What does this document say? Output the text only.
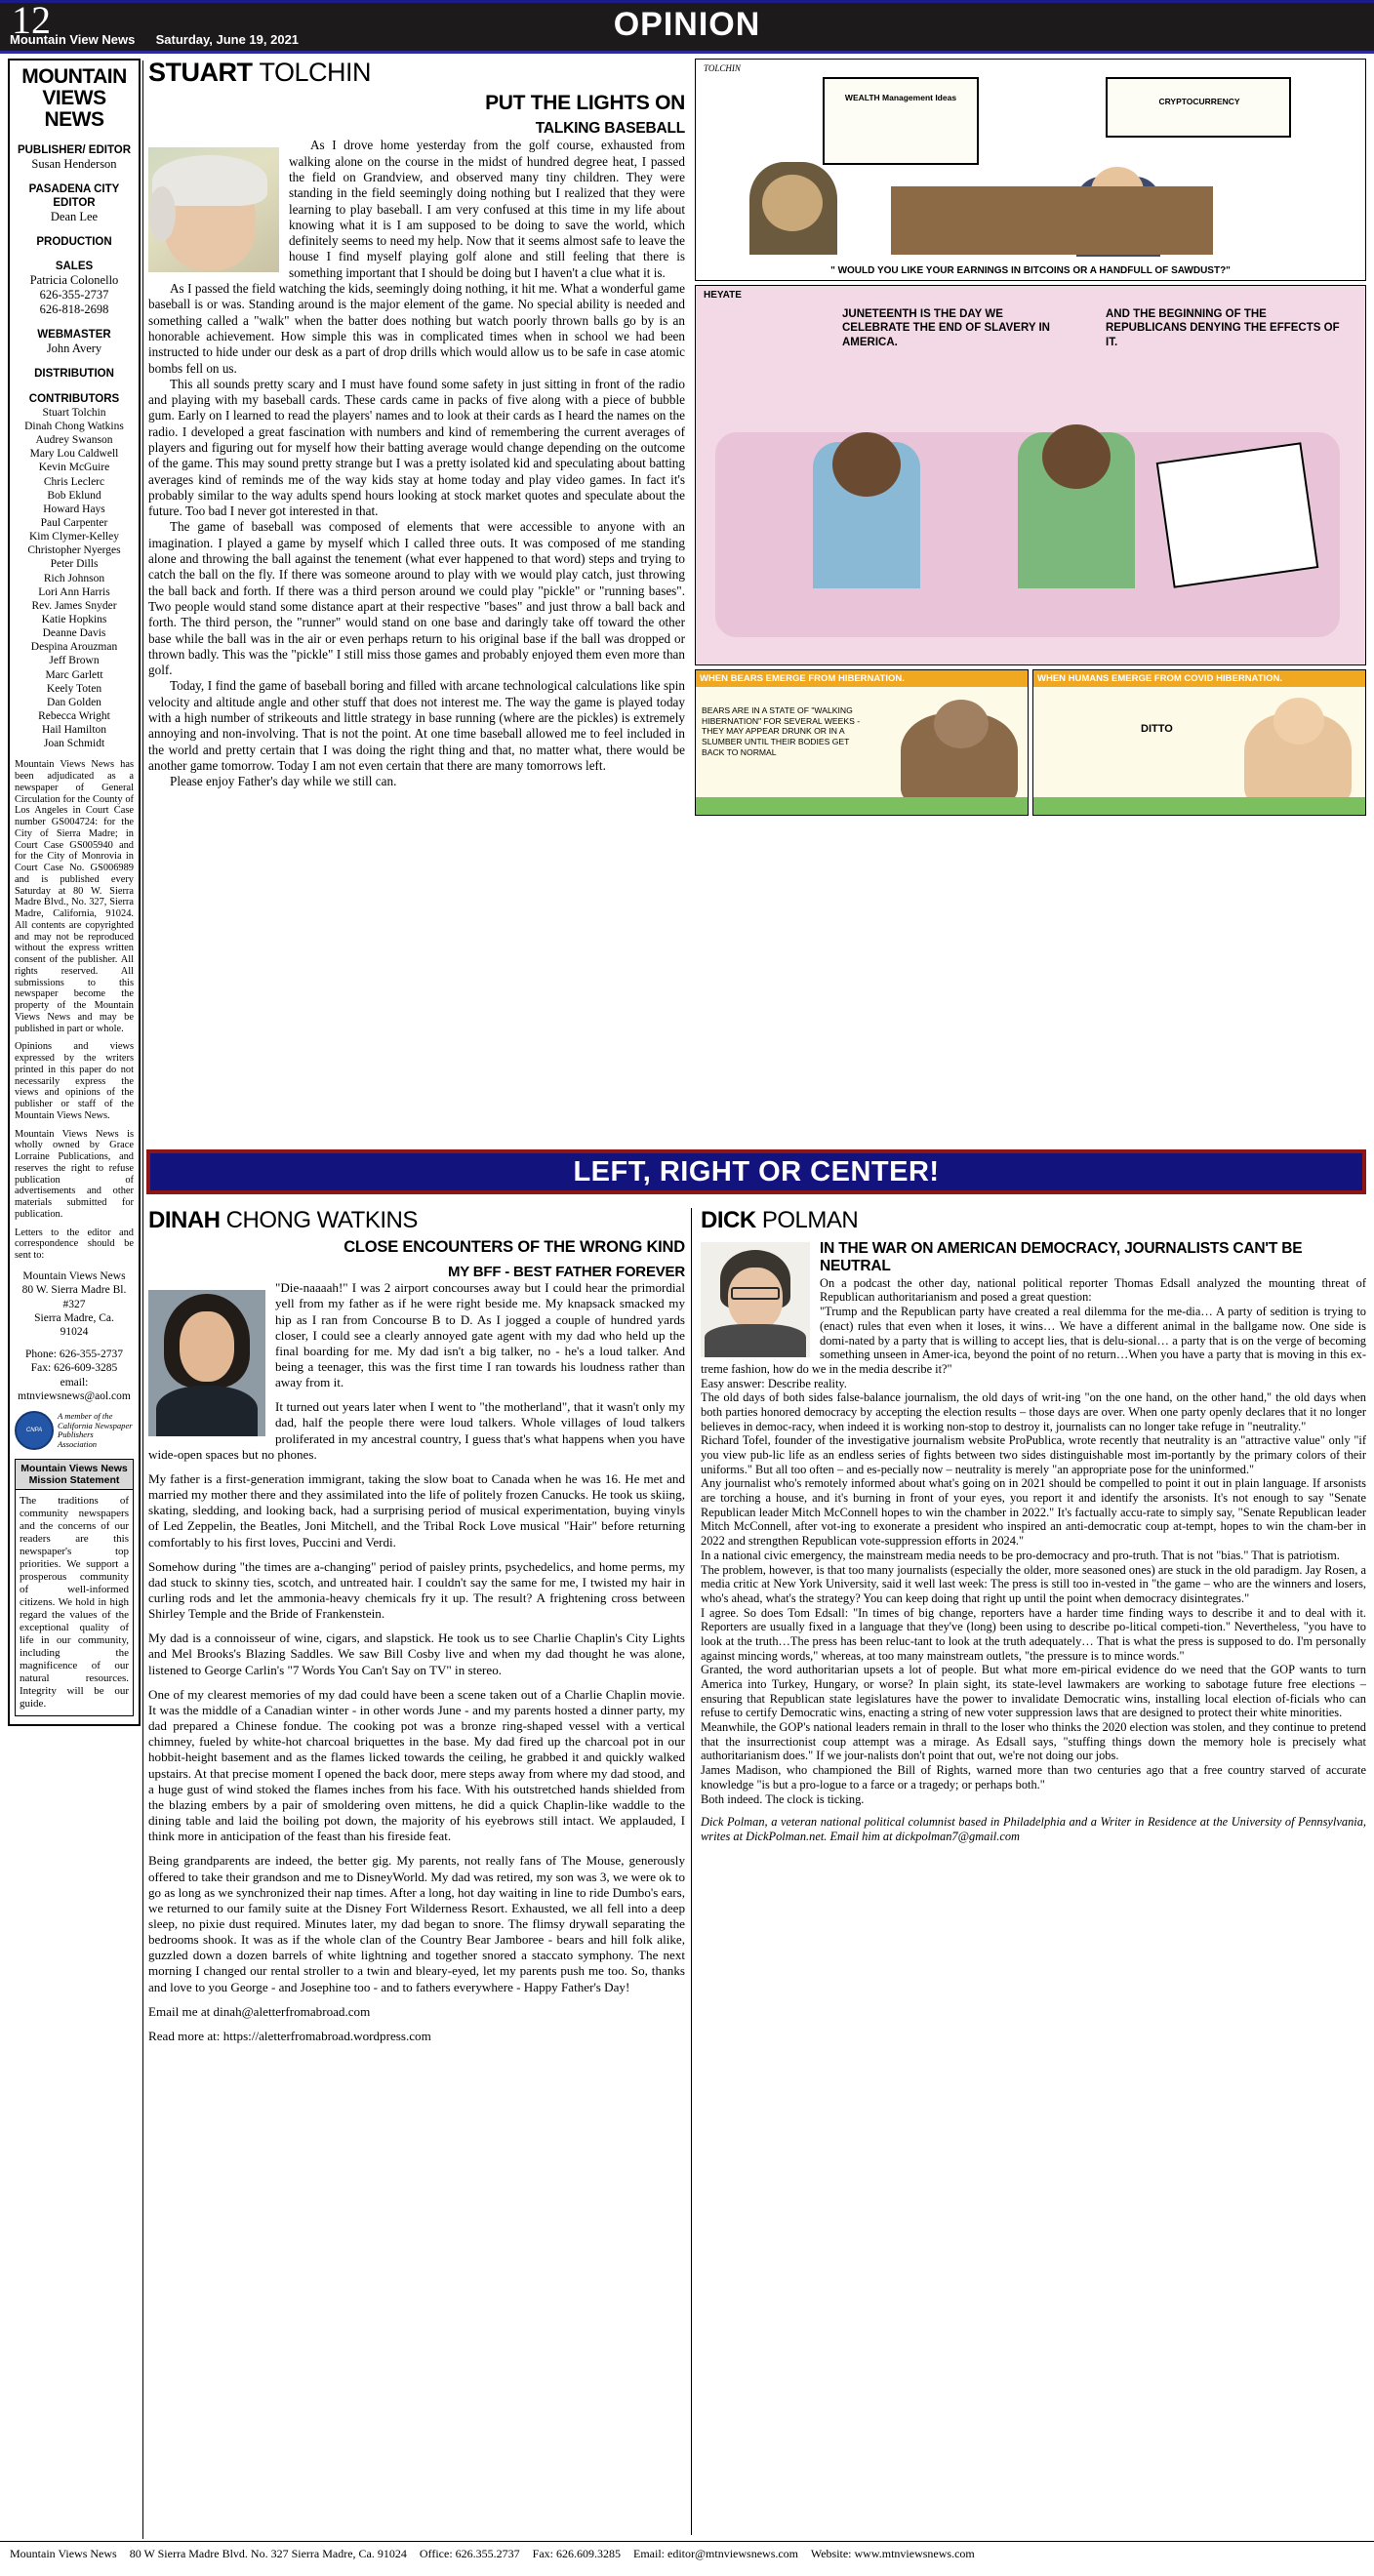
12	OPINION
Mountain View News Saturday, June 19, 2021
MOUNTAIN VIEWS NEWS
PUBLISHER/ EDITOR
Susan Henderson
PASADENA CITY EDITOR
Dean Lee
PRODUCTION
SALES
Patricia Colonello
626-355-2737
626-818-2698
WEBMASTER
John Avery
DISTRIBUTION
CONTRIBUTORS
Stuart Tolchin
Dinah Chong Watkins
Audrey Swanson
Mary Lou Caldwell
Kevin McGuire
Chris Leclerc
Bob Eklund
Howard Hays
Paul Carpenter
Kim Clymer-Kelley
Christopher Nyerges
Peter Dills
Rich Johnson
Lori Ann Harris
Rev. James Snyder
Katie Hopkins
Deanne Davis
Despina Arouzman
Jeff Brown
Marc Garlett
Keely Toten
Dan Golden
Rebecca Wright
Hail Hamilton
Joan Schmidt

Mountain Views News has been adjudicated as a newspaper of General Circulation for the County of Los Angeles in Court Case number GS004724: for the City of Sierra Madre; in Court Case GS005940 and for the City of Monrovia in Court Case No. GS006989 and is published every Saturday at 80 W. Sierra Madre Blvd., No. 327, Sierra Madre, California, 91024. All contents are copyrighted and may not be reproduced without the express written consent of the publisher. All rights reserved. All submissions to this newspaper become the property of the Mountain Views News and may be published in part or whole.

Opinions and views expressed by the writers printed in this paper do not necessarily express the views and opinions of the publisher or staff of the Mountain Views News.

Mountain Views News is wholly owned by Grace Lorraine Publications, and reserves the right to refuse publication of advertisements and other materials submitted for publication.

Letters to the editor and correspondence should be sent to:

Mountain Views News
80 W. Sierra Madre Bl.
#327
Sierra Madre, Ca.
91024
Phone: 626-355-2737
Fax: 626-609-3285
email:
mtnviewsnews@aol.com
CNPA
A member of the California Newspaper Publishers Association
Mountain Views News Mission Statement
The traditions of community newspapers and the concerns of our readers are this newspaper's top priorities. We support a prosperous community of well-informed citizens. We hold in high regard the values of the exceptional quality of life in our community, including the magnificence of our natural resources. Integrity will be our guide.
STUART TOLCHIN
PUT THE LIGHTS ON
TALKING BASEBALL

As I drove home yesterday from the golf course, exhausted from walking alone on the course in the midst of hundred degree heat, I passed the field on Grandview, and observed many tiny children. They were standing in the field seemingly doing nothing but I realized that they were learning to play baseball. I am very confused at this time in my life about knowing what it is I am supposed to be doing to save the world, which definitely seems to need my help. Now that it seems almost safe to leave the house I find myself playing golf alone and still feeling that there is something important that I should be doing but I haven't a clue what it is.

As I passed the field watching the kids, seemingly doing nothing, it hit me. What a wonderful game baseball is or was. Standing around is the major element of the game. No special ability is needed and something called a "walk" when the batter does nothing but watch poorly thrown balls go by is an honorable achievement. How simple this was in complicated times when in school we had been instructed to hide under our desk as a part of drop drills which would allow us to be safe in case atomic bombs fell on us.

This all sounds pretty scary and I must have found some safety in just sitting in front of the radio and playing with my baseball cards. These cards came in packs of five along with a piece of bubble gum. Early on I learned to read the players' names and to look at their cards as I heard the names on the radio. I developed a great fascination with numbers and kind of remembering the current averages of players and figuring out for myself how their batting average would change depending on the outcome of the game. This may sound pretty strange but I was a pretty isolated kid and speculating about batting averages kind of reminds me of the way kids stay at home today and play video games. In fact it's probably similar to the way adults spend hours looking at stock market quotes and speculate about the future. Too bad I never got interested in that.

The game of baseball was composed of elements that were accessible to anyone with an imagination. I played a game by myself which I called three outs. It was composed of me standing alone and throwing the ball against the tenement (what ever happened to that word) steps and trying to catch the ball on the fly. If there was someone around to play with we would play catch, just throwing the ball back and forth. If there was a third person around we could play "pickle" or "running bases". Two people would stand some distance apart at their respective "bases" and just throw a ball back and forth. The third person, the "runner" would stand on one base and daringly take off toward the other base while the ball was in the air or even perhaps return to his original base if the ball was dropped or thrown badly. This was the "pickle" I still miss those games and probably enjoyed them even more than golf.

Today, I find the game of baseball boring and filled with arcane technological calculations like spin velocity and altitude angle and other stuff that does not interest me. The way the game is played today with a high number of strikeouts and little strategy in base running (where are the pickles) is extremely annoying and non-involving. That is not the point. At one time baseball allowed me to feel included in the world and pretty certain that I was doing the right thing and that, no matter what, there would be another game tomorrow. Today I am not even certain that there are many tomorrows left.

Please enjoy Father's day while we still can.

TOLCHIN
WEALTH Management Ideas	CRYPTOCURRENCY
" WOULD YOU LIKE YOUR EARNINGS IN BITCOINS OR A HANDFULL OF SAWDUST?"
HEYATE
JUNETEENTH IS THE DAY WE CELEBRATE THE END OF SLAVERY IN AMERICA.
AND THE BEGINNING OF THE REPUBLICANS DENYING THE EFFECTS OF IT.
WHEN BEARS EMERGE FROM HIBERNATION.
BEARS ARE IN A STATE OF "WALKING HIBERNATION" FOR SEVERAL WEEKS - THEY MAY APPEAR DRUNK OR IN A SLUMBER UNTIL THEIR BODIES GET BACK TO NORMAL
WHEN HUMANS EMERGE FROM COVID HIBERNATION.
DITTO
LEFT, RIGHT OR CENTER!
DINAH CHONG WATKINS
CLOSE ENCOUNTERS OF THE WRONG KIND
MY BFF - BEST FATHER FOREVER

"Die-naaaah!" I was 2 airport concourses away but I could hear the primordial yell from my father as if he were right beside me. My knapsack smacked my hip as I ran from Concourse B to D. As I jogged a couple of hundred yards closer, I could see a clearly annoyed gate agent with my dad who held up the final boarding for me. My dad isn't a big talker, no - he's a loud talker. And being a teenager, this was the first time I ran towards his loudness rather than away from it.

It turned out years later when I went to "the motherland", that it wasn't only my dad, half the people there were loud talkers. Whole villages of loud talkers proliferated in my ancestral country, I guess that's what happens when you have wide-open spaces but no phones.

My father is a first-generation immigrant, taking the slow boat to Canada when he was 16. He met and married my mother there and they assimilated into the life of politely frozen Canucks. He took us skiing, skating, sledding, and looking back, had a surprising period of musical experimentation, buying vinyls of Led Zeppelin, the Beatles, Joni Mitchell, and the Tribal Rock Love musical "Hair" before returning comfortably to his first loves, Puccini and Verdi.

Somehow during "the times are a-changing" period of paisley prints, psychedelics, and home perms, my dad stuck to skinny ties, scotch, and untreated hair. I couldn't say the same for me, I twisted my hair in curling rods and let the ammonia-heavy chemicals fry it up. The result? A frightening cross between Shirley Temple and the Bride of Frankenstein.

My dad is a connoisseur of wine, cigars, and slapstick. He took us to see Charlie Chaplin's City Lights and Mel Brooks's Blazing Saddles. We saw Bill Cosby live and when my dad thought he was alone, listened to George Carlin's "7 Words You Can't Say on TV" in stereo.

One of my clearest memories of my dad could have been a scene taken out of a Charlie Chaplin movie. It was the middle of a Canadian winter - in other words June - and my parents hosted a dinner party, my dad prepared a Chinese fondue. The cooking pot was a bronze ring-shaped vessel with a vertical chimney, fueled by white-hot charcoal briquettes in the base. My dad fired up the charcoal pot in our hobbit-height basement and as the flames licked towards the ceiling, he grabbed it and quickly walked upstairs. At that precise moment I opened the back door, mere steps away from where my dad stood, and a huge gust of wind stoked the flames inches from his face. With his outstretched hands shielded from the blazing embers by a pair of smoldering oven mittens, he did a quick Chaplin-like waddle to the dining table and laid the boiling pot down, the majority of his eyebrows still intact. We applauded, I think more in anticipation of the feast than his fireside feat.

Being grandparents are indeed, the better gig. My parents, not really fans of The Mouse, generously offered to take their grandson and me to DisneyWorld. My dad was retired, my son was 3, we were ok to go as long as we synchronized their nap times. After a long, hot day waiting in line to ride Dumbo's ears, we returned to our family suite at the Disney Fort Wilderness Resort. Exhausted, we all fell into a deep sleep, no pixie dust required. Minutes later, my dad began to snore. The flimsy drywall separating the bedrooms shook. It was as if the whole clan of the Country Bear Jamboree - bears and hill folk alike, guzzled down a dozen barrels of white lightning and together snored a staccato symphony. The next morning I changed our rental stroller to a twin and bleary-eyed, let my parents push me too. So, thanks and love to you George - and Josephine too - and to fathers everywhere - Happy Father's Day!

Email me at dinah@aletterfromabroad.com

Read more at: https://aletterfromabroad.wordpress.com

DICK POLMAN
IN THE WAR ON AMERICAN DEMOCRACY, JOURNALISTS CAN'T BE NEUTRAL

On a podcast the other day, national political reporter Thomas Edsall analyzed the mounting threat of Republican authoritarianism and posed a great question:

"Trump and the Republican party have created a real dilemma for the me-dia… A party of sedition is trying to (enact) rules that even when it loses, it wins… We have a different animal in the ballgame now. One side is domi-nated by a party that is willing to accept lies, that is delu-sional… a party that is on the verge of becoming something unseen in Amer-ica, beyond the point of no return…When you have a party that is moving in this ex-treme fashion, how do we in the media describe it?"

Easy answer: Describe reality.

The old days of both sides false-balance journalism, the old days of writ-ing "on the one hand, on the other hand," the old days when both parties honored democracy by accepting the election results – those days are over. When one party openly declares that it no longer believes in democ-racy, when indeed it is working non-stop to destroy it, journalists can no longer take refuge in "neutrality."

Richard Tofel, founder of the investigative journalism website ProPublica, wrote recently that neutrality is an "attractive value" only "if you view pub-lic life as an endless series of fights between two sides distinguishable most im-portantly by the primary colors of their uniforms." But all too often – and es-pecially now – neutrality is merely "an appropriate pose for the uninformed."

Any journalist who's remotely informed about what's going on in 2021 should be compelled to point it out in plain language. If arsonists are torching a house, and it's burning in front of your eyes, you report it and identify the arsonists. It's not enough to say "Senate Republican leader Mitch McConnell hopes to win the chamber in 2022." It's factually accu-rate to simply say, "Senate Republican leader Mitch McConnell, after vot-ing to exonerate a president who inspired an anti-democratic coup at-tempt, hopes to win the cham-ber in 2022 and strengthen Republican vote-suppression efforts in 2024."

In a national civic emergency, the mainstream media needs to be pro-democracy and pro-truth. That is not "bias." That is patriotism.

The problem, however, is that too many journalists (especially the older, more seasoned ones) are stuck in the old paradigm. Jay Rosen, a media critic at New York University, said it well last week: The press is still too in-vested in "the game – who are the winners and losers, who's ahead, what's the strategy? You can keep doing that right up until the point when democracy disintegrates."

I agree. So does Tom Edsall: "In times of big change, reporters have a harder time finding ways to describe it and to deal with it. Reporters are usually fixed in a language that they've (long) been using to describe po-litical competi-tion." Nevertheless, "you have to look at the truth…The press has been reluc-tant to look at the truth adequately… That is what the press is supposed to do. I'm personally against mincing words," whereas, at too many mainstream outlets, "the pressure is to mince words."

Granted, the word authoritarian upsets a lot of people. But what more em-pirical evidence do we need that the GOP wants to turn America into Turkey, Hungary, or worse? In plain sight, its state-level lawmakers are working to sabotage future free elections – ensuring that Republican state legislatures have the power to invalidate Democratic wins, installing local election of-ficials who can refuse to certify Democratic wins, enacting a string of new voter suppression laws that are designed to protect their white minorities.

Meanwhile, the GOP's national leaders remain in thrall to the loser who thinks the 2020 election was stolen, and they continue to pretend that the insurrectionist coup attempt was a mirage. As Edsall says, "stuffing things down the memory hole is precisely what authoritarianism does." If we jour-nalists don't point that out, we're not doing our jobs.

James Madison, who championed the Bill of Rights, warned more than two centuries ago that a free country starved of accurate knowledge "is but a pro-logue to a farce or a tragedy; or perhaps both."

Both indeed. The clock is ticking.

Dick Polman, a veteran national political columnist based in Philadelphia and a Writer in Residence at the University of Pennsylvania, writes at DickPolman.net. Email him at dickpolman7@gmail.com
Mountain Views News 80 W Sierra Madre Blvd. No. 327 Sierra Madre, Ca. 91024 Office: 626.355.2737 Fax: 626.609.3285 Email: editor@mtnviewsnews.com Website: www.mtnviewsnews.com
